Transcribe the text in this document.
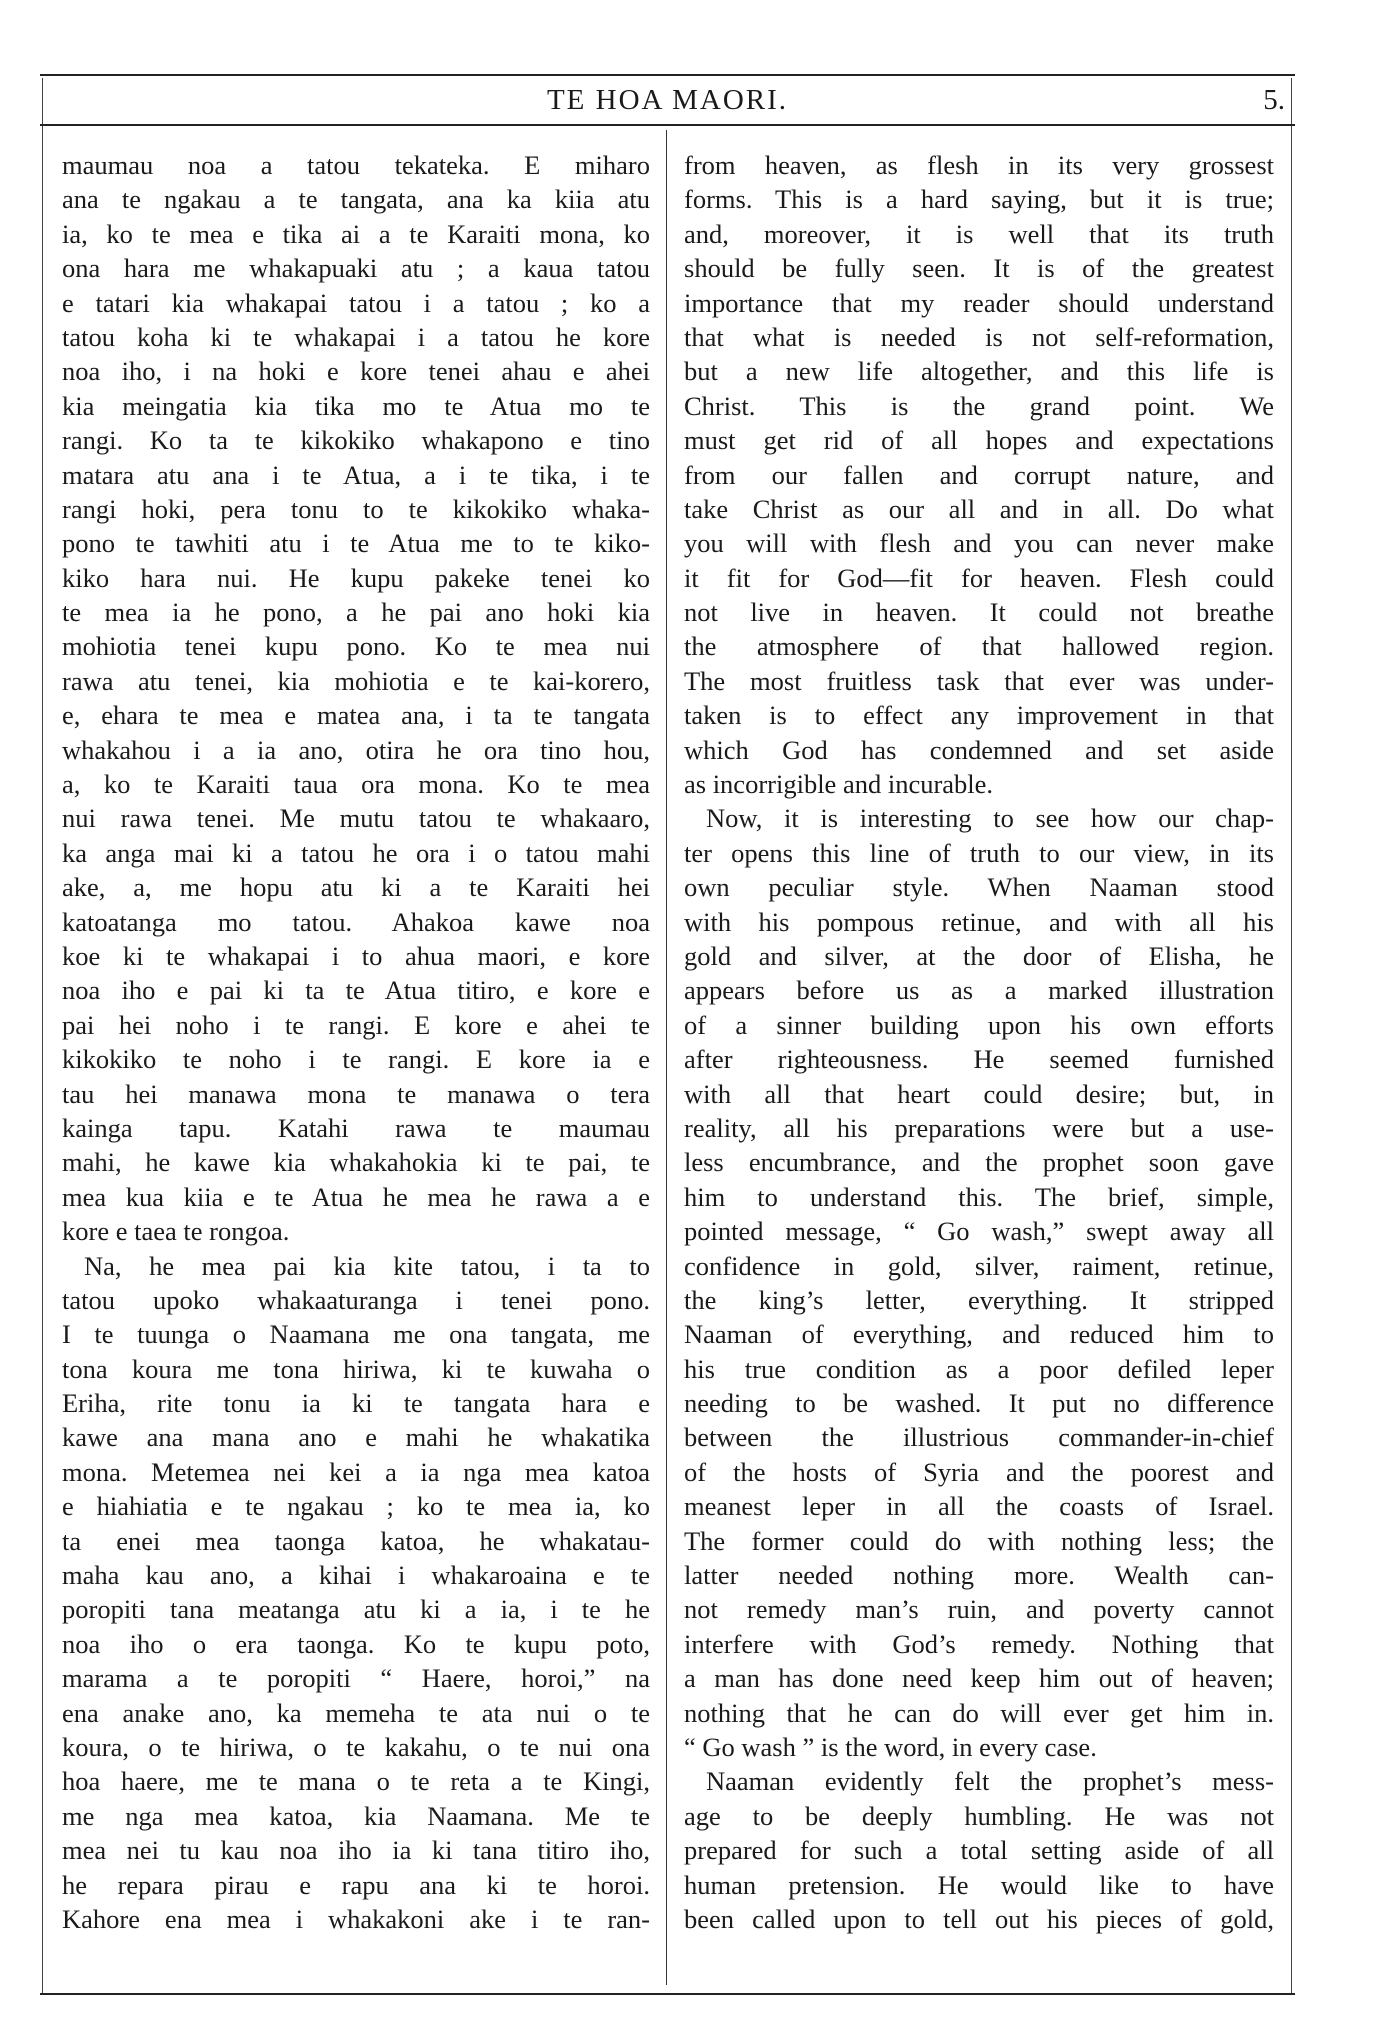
TE HOA MAORI.	5.
maumau noa a tatou tekateka. E miharo
ana te ngakau a te tangata, ana ka kiia atu
ia, ko te mea e tika ai a te Karaiti mona, ko
ona hara me whakapuaki atu ; a kaua tatou
e tatari kia whakapai tatou i a tatou ; ko a
tatou koha ki te whakapai i a tatou he kore
noa iho, i na hoki e kore tenei ahau e ahei
kia meingatia kia tika mo te Atua mo te
rangi. Ko ta te kikokiko whakapono e tino
matara atu ana i te Atua, a i te tika, i te
rangi hoki, pera tonu to te kikokiko whaka-
pono te tawhiti atu i te Atua me to te kiko-
kiko hara nui. He kupu pakeke tenei ko
te mea ia he pono, a he pai ano hoki kia
mohiotia tenei kupu pono. Ko te mea nui
rawa atu tenei, kia mohiotia e te kai-korero,
e, ehara te mea e matea ana, i ta te tangata
whakahou i a ia ano, otira he ora tino hou,
a, ko te Karaiti taua ora mona. Ko te mea
nui rawa tenei. Me mutu tatou te whakaaro,
ka anga mai ki a tatou he ora i o tatou mahi
ake, a, me hopu atu ki a te Karaiti hei
katoatanga mo tatou. Ahakoa kawe noa
koe ki te whakapai i to ahua maori, e kore
noa iho e pai ki ta te Atua titiro, e kore e
pai hei noho i te rangi. E kore e ahei te
kikokiko te noho i te rangi. E kore ia e
tau hei manawa mona te manawa o tera
kainga tapu. Katahi rawa te maumau
mahi, he kawe kia whakahokia ki te pai, te
mea kua kiia e te Atua he mea he rawa a e
kore e taea te rongoa.
Na, he mea pai kia kite tatou, i ta to
tatou upoko whakaaturanga i tenei pono.
I te tuunga o Naamana me ona tangata, me
tona koura me tona hiriwa, ki te kuwaha o
Eriha, rite tonu ia ki te tangata hara e
kawe ana mana ano e mahi he whakatika
mona. Metemea nei kei a ia nga mea katoa
e hiahiatia e te ngakau ; ko te mea ia, ko
ta enei mea taonga katoa, he whakatau-
maha kau ano, a kihai i whakaroaina e te
poropiti tana meatanga atu ki a ia, i te he
noa iho o era taonga. Ko te kupu poto,
marama a te poropiti “ Haere, horoi,” na
ena anake ano, ka memeha te ata nui o te
koura, o te hiriwa, o te kakahu, o te nui ona
hoa haere, me te mana o te reta a te Kingi,
me nga mea katoa, kia Naamana. Me te
mea nei tu kau noa iho ia ki tana titiro iho,
he repara pirau e rapu ana ki te horoi.
Kahore ena mea i whakakoni ake i te ran-
from heaven, as flesh in its very grossest
forms. This is a hard saying, but it is true;
and, moreover, it is well that its truth
should be fully seen. It is of the greatest
importance that my reader should understand
that what is needed is not self-reformation,
but a new life altogether, and this life is
Christ. This is the grand point. We
must get rid of all hopes and expectations
from our fallen and corrupt nature, and
take Christ as our all and in all. Do what
you will with flesh and you can never make
it fit for God—fit for heaven. Flesh could
not live in heaven. It could not breathe
the atmosphere of that hallowed region.
The most fruitless task that ever was under-
taken is to effect any improvement in that
which God has condemned and set aside
as incorrigible and incurable.
Now, it is interesting to see how our chap-
ter opens this line of truth to our view, in its
own peculiar style. When Naaman stood
with his pompous retinue, and with all his
gold and silver, at the door of Elisha, he
appears before us as a marked illustration
of a sinner building upon his own efforts
after righteousness. He seemed furnished
with all that heart could desire; but, in
reality, all his preparations were but a use-
less encumbrance, and the prophet soon gave
him to understand this. The brief, simple,
pointed message, “ Go wash,” swept away all
confidence in gold, silver, raiment, retinue,
the king’s letter, everything. It stripped
Naaman of everything, and reduced him to
his true condition as a poor defiled leper
needing to be washed. It put no difference
between the illustrious commander-in-chief
of the hosts of Syria and the poorest and
meanest leper in all the coasts of Israel.
The former could do with nothing less; the
latter needed nothing more. Wealth can-
not remedy man’s ruin, and poverty cannot
interfere with God’s remedy. Nothing that
a man has done need keep him out of heaven;
nothing that he can do will ever get him in.
“ Go wash ” is the word, in every case.
Naaman evidently felt the prophet’s mess-
age to be deeply humbling. He was not
prepared for such a total setting aside of all
human pretension. He would like to have
been called upon to tell out his pieces of gold,
